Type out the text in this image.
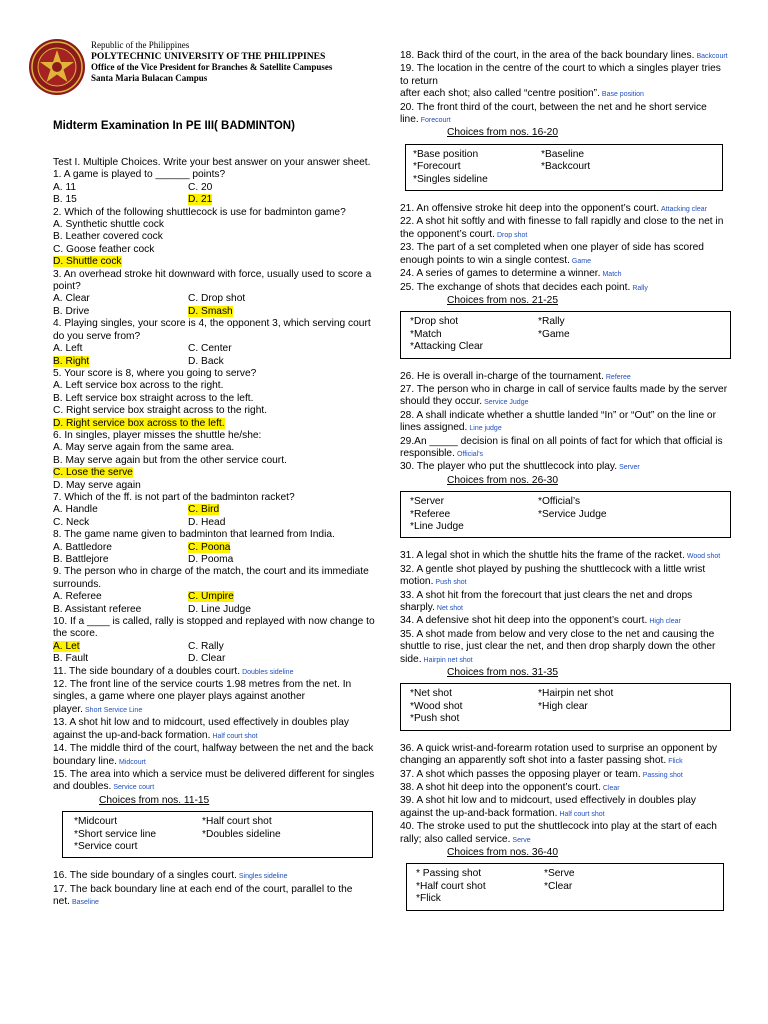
Republic of the Philippines
POLYTECHNIC UNIVERSITY OF THE PHILIPPINES
Office of the Vice President for Branches & Satellite Campuses
Santa Maria Bulacan Campus
Midterm Examination In PE III( BADMINTON)

Test I. Multiple Choices. Write your best answer on your answer sheet.

1. A game is played to ______ points?

A. 11	C. 20
B. 15	D. 21

2. Which of the following shuttlecock is use for badminton game?

A. Synthetic shuttle cock
B. Leather covered cock
C. Goose feather cock
D. Shuttle cock

3. An overhead stroke hit downward with force, usually used to score a point?

A. Clear	C. Drop shot
B. Drive	D. Smash

4. Playing singles, your score is 4, the opponent 3, which serving court do you serve from?

A. Left	C. Center
B. Right	D. Back

5. Your score is 8, where you going to serve?

A. Left service box across to the right.
B. Left service box straight across to the left.
C. Right service box straight across to the right.
D. Right service box across to the left.

6. In singles, player misses the shuttle he/she:

A. May serve again from the same area.
B. May serve again but from the other service court.
C. Lose the serve
D. May serve again

7. Which of the ff. is not part of the badminton racket?

A. Handle	C. Bird
C. Neck	D. Head

8. The game name given to badminton that learned from India.

A. Battledore	C. Poona
B. Battlejore	D. Pooma

9. The person who in charge of the match, the court and its immediate surrounds.

A. Referee	C. Umpire
B. Assistant referee	D. Line Judge

10. If a ____ is called, rally is stopped and replayed with now change to the score.

A. Let	C. Rally
B. Fault	D. Clear

11. The side boundary of a doubles court. Doubles sideline

12. The front line of the service courts 1.98 metres from the net. In singles, a game where one player plays against another player. Short Service Line

13. A shot hit low and to midcourt, used effectively in doubles play against the up-and-back formation. Half court shot

14. The middle third of the court, halfway between the net and the back boundary line. Midcourt

15. The area into which a service must be delivered different for singles and doubles. Service court

Choices from nos. 11-15
*Midcourt	*Half court shot
*Short service line	*Doubles sideline
*Service court

16. The side boundary of a singles court. Singles sideline

17. The back boundary line at each end of the court, parallel to the net. Baseline

18. Back third of the court, in the area of the back boundary lines. Backcourt

19. The location in the centre of the court to which a singles player tries to return

after each shot; also called “centre position”. Base position

20. The front third of the court, between the net and he short service line. Forecourt

Choices from nos. 16-20
*Base position	*Baseline
*Forecourt	*Backcourt
*Singles sideline

21. An offensive stroke hit deep into the opponent’s court. Attacking clear

22. A shot hit softly and with finesse to fall rapidly and close to the net in the opponent’s court. Drop shot

23. The part of a set completed when one player of side has scored enough points to win a single contest. Game

24. A series of games to determine a winner. Match

25. The exchange of shots that decides each point. Rally

Choices from nos. 21-25
*Drop shot	*Rally
*Match	*Game
*Attacking Clear

26. He is overall in-charge of the tournament. Referee

27. The person who in charge in call of service faults made by the server should they occur. Service Judge

28. A shall indicate whether a shuttle landed “In” or “Out” on the line or lines assigned. Line judge

29.An _____ decision is final on all points of fact for which that official is responsible. Official's

30. The player who put the shuttlecock into play. Server

Choices from nos. 26-30
*Server	*Official’s
*Referee	*Service Judge
*Line Judge

31. A legal shot in which the shuttle hits the frame of the racket. Wood shot

32. A gentle shot played by pushing the shuttlecock with a little wrist motion. Push shot

33. A shot hit from the forecourt that just clears the net and drops sharply. Net shot

34. A defensive shot hit deep into the opponent’s court. High clear

35. A shot made from below and very close to the net and causing the shuttle to rise, just clear the net, and then drop sharply down the other side. Hairpin net shot

Choices from nos. 31-35
*Net shot	*Hairpin net shot
*Wood shot	*High clear
*Push shot

36. A quick wrist-and-forearm rotation used to surprise an opponent by changing an apparently soft shot into a faster passing shot. Flick

37. A shot which passes the opposing player or team. Passing shot

38. A shot hit deep into the opponent’s court. Clear

39. A shot hit low and to midcourt, used effectively in doubles play against the up-and-back formation. Half court shot

40. The stroke used to put the shuttlecock into play at the start of each rally; also called service. Serve

Choices from nos. 36-40
* Passing shot	*Serve
*Half court shot	*Clear
*Flick
